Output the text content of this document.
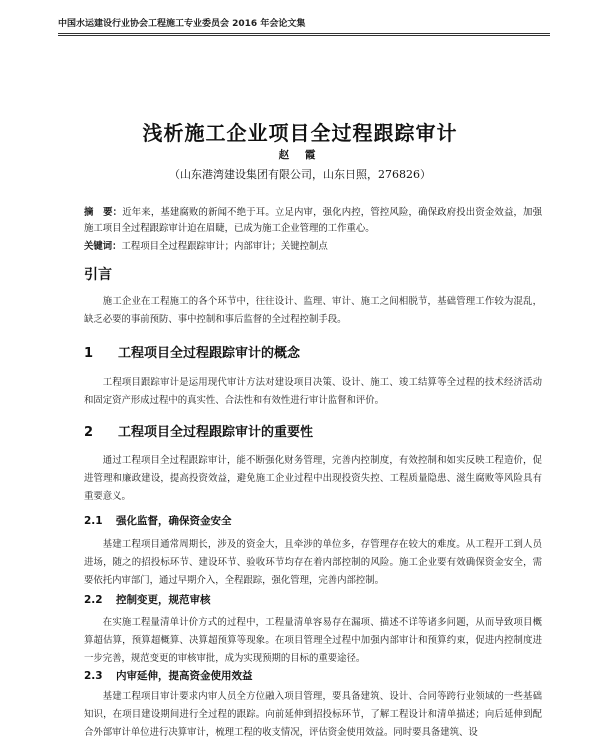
中国水运建设行业协会工程施工专业委员会 2016 年会论文集
浅析施工企业项目全过程跟踪审计
赵 霞
（山东港湾建设集团有限公司，山东日照，276826）
摘　要：近年来，基建腐败的新闻不绝于耳。立足内审，强化内控，管控风险，确保政府投出资金效益，加强施工项目全过程跟踪审计迫在眉睫，已成为施工企业管理的工作重心。
关键词：工程项目全过程跟踪审计；内部审计；关键控制点
引言
施工企业在工程施工的各个环节中，往往设计、监理、审计、施工之间相脱节，基础管理工作较为混乱，缺乏必要的事前预防、事中控制和事后监督的全过程控制手段。
1 工程项目全过程跟踪审计的概念
工程项目跟踪审计是运用现代审计方法对建设项目决策、设计、施工、竣工结算等全过程的技术经济活动和固定资产形成过程中的真实性、合法性和有效性进行审计监督和评价。
2 工程项目全过程跟踪审计的重要性
通过工程项目全过程跟踪审计，能不断强化财务管理，完善内控制度，有效控制和如实反映工程造价，促进管理和廉政建设，提高投资效益，避免施工企业过程中出现投资失控、工程质量隐患、滋生腐败等风险具有重要意义。
2.1 强化监督，确保资金安全
基建工程项目通常周期长，涉及的资金大，且牵涉的单位多，存管理存在较大的难度。从工程开工到人员进场，随之的招投标环节、建设环节、验收环节均存在着内部控制的风险。施工企业要有效确保资金安全，需要依托内审部门，通过早期介入，全程跟踪，强化管理，完善内部控制。
2.2 控制变更，规范审核
在实施工程量清单计价方式的过程中，工程量清单容易存在漏项、描述不详等诸多问题，从而导致项目概算超估算，预算超概算、决算超预算等现象。在项目管理全过程中加强内部审计和预算约束，促进内控制度进一步完善，规范变更的审核审批，成为实现预期的目标的重要途径。
2.3 内审延伸，提高资金使用效益
基建工程项目审计要求内审人员全方位融入项目管理，要具备建筑、设计、合同等跨行业领域的一些基础知识，在项目建设期间进行全过程的跟踪。向前延伸到招投标环节，了解工程设计和清单描述；向后延伸到配合外部审计单位进行决算审计，梳理工程的收支情况，评估资金使用效益。同时要具备建筑、设
